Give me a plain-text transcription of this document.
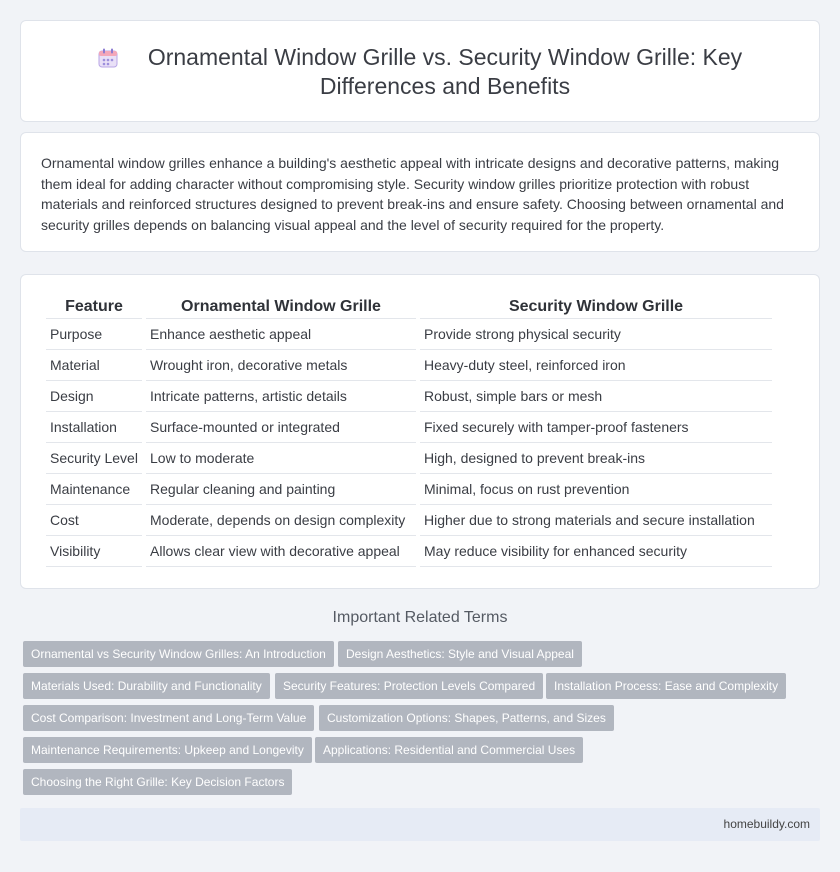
Ornamental Window Grille vs. Security Window Grille: Key Differences and Benefits

Ornamental window grilles enhance a building's aesthetic appeal with intricate designs and decorative patterns, making them ideal for adding character without compromising style. Security window grilles prioritize protection with robust materials and reinforced structures designed to prevent break-ins and ensure safety. Choosing between ornamental and security grilles depends on balancing visual appeal and the level of security required for the property.

Feature	Ornamental Window Grille	Security Window Grille
Purpose	Enhance aesthetic appeal	Provide strong physical security
Material	Wrought iron, decorative metals	Heavy-duty steel, reinforced iron
Design	Intricate patterns, artistic details	Robust, simple bars or mesh
Installation	Surface-mounted or integrated	Fixed securely with tamper-proof fasteners
Security Level	Low to moderate	High, designed to prevent break-ins
Maintenance	Regular cleaning and painting	Minimal, focus on rust prevention
Cost	Moderate, depends on design complexity	Higher due to strong materials and secure installation
Visibility	Allows clear view with decorative appeal	May reduce visibility for enhanced security
Important Related Terms
Ornamental vs Security Window Grilles: An Introduction	Design Aesthetics: Style and Visual Appeal
Materials Used: Durability and Functionality	Security Features: Protection Levels Compared	Installation Process: Ease and Complexity
Cost Comparison: Investment and Long-Term Value	Customization Options: Shapes, Patterns, and Sizes
Maintenance Requirements: Upkeep and Longevity	Applications: Residential and Commercial Uses
Choosing the Right Grille: Key Decision Factors
homebuildy.com
